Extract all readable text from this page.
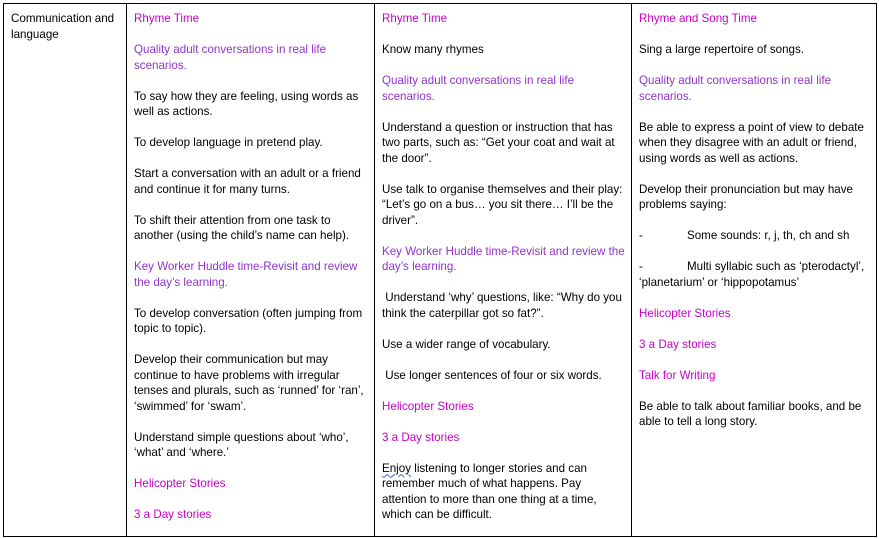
Communication and language

Rhyme Time

Quality adult conversations in real life scenarios.

To say how they are feeling, using words as well as actions.

To develop language in pretend play.

Start a conversation with an adult or a friend and continue it for many turns.

To shift their attention from one task to another (using the child’s name can help).

Key Worker Huddle time-Revisit and review the day’s learning.

To develop conversation (often jumping from topic to topic).

Develop their communication but may continue to have problems with irregular tenses and plurals, such as ‘runned’ for ‘ran’, ‘swimmed’ for ‘swam’.

Understand simple questions about ‘who’, ‘what’ and ‘where.’

Helicopter Stories

3 a Day stories

Rhyme Time

Know many rhymes

Quality adult conversations in real life scenarios.

Understand a question or instruction that has two parts, such as: “Get your coat and wait at the door”.

Use talk to organise themselves and their play: “Let’s go on a bus… you sit there… I’ll be the driver”.

Key Worker Huddle time-Revisit and review the day’s learning.

Understand ‘why’ questions, like: “Why do you think the caterpillar got so fat?”.

Use a wider range of vocabulary.

Use longer sentences of four or six words.

Helicopter Stories

3 a Day stories

Enjoy listening to longer stories and can remember much of what happens. Pay attention to more than one thing at a time, which can be difficult.

Rhyme and Song Time

Sing a large repertoire of songs.

Quality adult conversations in real life scenarios.

Be able to express a point of view to debate when they disagree with an adult or friend, using words as well as actions.

Develop their pronunciation but may have problems saying:

-	Some sounds: r, j, th, ch and sh

-	Multi syllabic such as ‘pterodactyl’, ‘planetarium’ or ‘hippopotamus’

Helicopter Stories

3 a Day stories

Talk for Writing

Be able to talk about familiar books, and be able to tell a long story.
